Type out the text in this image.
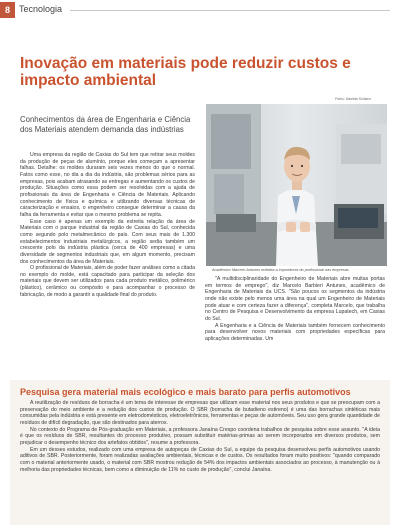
8	Tecnologia
Inovação em materiais pode reduzir custos e impacto ambiental
Fotos: Daniela Schiavo
Conhecimentos da área de Engenharia e Ciência dos Materiais atendem demanda das indústrias

Uma empresa da região de Caxias do Sul tem que retirar seus moldes da produção de peças de alumínio, porque eles começam a apresentar falhas. Detalhe: os moldes duraram seis vezes menos do que o normal. Fatos como esse, no dia a dia da indústria, são problemas sérios para as empresas, pois acabam atrasando as entregas e aumentando os custos de produção. Situações como essa podem ser resolvidas com a ajuda de profissionais da área de Engenharia e Ciência de Materiais. Aplicando conhecimento de física e química e utilizando diversas técnicas de caracterização e ensaios, o engenheiro consegue determinar a causa da falha da ferramenta e evitar que o mesmo problema se repita.

Esse caso é apenas um exemplo da estreita relação da área de Materiais com o parque industrial da região de Caxias do Sul, conhecida como segundo polo metalmecânico do país. Com seus mais de 1.300 estabelecimentos industriais metalúrgicos, a região sedia também um crescente polo da indústria plástica (cerca de 400 empresas) e uma diversidade de segmentos industriais que, em algum momento, precisam dos conhecimentos da área de Materiais.

O profissional de Materiais, além de poder fazer análises como a citada no exemplo do molde, está capacitado para participar da seleção dos materiais que devem ser utilizados para cada produto metálico, polimérico (plástico), cerâmico ou compósito e para acompanhar o processo de fabricação, de modo a garantir a qualidade final do produto.

Acadêmico Marcelo Antunes enfatiza a importância do profissional nas empresas

"A multidisciplinaridade do Engenheiro de Materiais abre muitas portas em termos de emprego", diz Marcelo Barbieri Antunes, acadêmico de Engenharia de Materiais da UCS. "São poucos os segmentos da indústria onde não existe pelo menos uma área na qual um Engenheiro de Materiais pode atuar e com certeza fazer a diferença", completa Marcelo, que trabalha no Centro de Pesquisa e Desenvolvimento da empresa Lupatech, em Caxias do Sul.

A Engenharia e a Ciência de Materiais também fornecem conhecimento para desenvolver novos materiais com propriedades específicas para aplicações determinadas. Um

Pesquisa gera material mais ecológico e mais barato para perfis automotivos

A reutilização de resíduos de borracha é um tema de interesse de empresas que utilizam esse material nos seus produtos e que se preocupam com a preservação do meio ambiente e a redução dos custos de produção. O SBR (borracha de butadieno estireno) é uma das borrachas sintéticas mais consumidas pela indústria e está presente em eletrodomésticos, eletroeletrônicos, ferramentas e peças de automóveis. Seu uso gera grande quantidade de resíduos de difícil degradação, que são destinados para aterros.

No contexto do Programa de Pós-graduação em Materiais, a professora Janaína Crespo coordena trabalhos de pesquisa sobre esse assunto. "A ideia é que os resíduos de SBR, resultantes do processo produtivo, possam substituir matérias-primas ao serem incorporados em diversos produtos, sem prejudicar o desempenho técnico dos artefatos obtidos", resume a professora.

Em um desses estudos, realizado com uma empresa de autopeças de Caxias do Sul, a equipe da pesquisa desenvolveu perfis automotivos usando aditivos de SBR. Posteriormente, foram realizadas avaliações ambientais, técnicas e de custos. Os resultados foram muito positivos: "quando comparado com o material anteriormente usado, o material com SBR mostrou redução de 54% dos impactos ambientais associados ao processo, à manutenção ou à melhoria das propriedades técnicas, bem como a diminuição de 11% no custo de produção", conclui Janaína.
